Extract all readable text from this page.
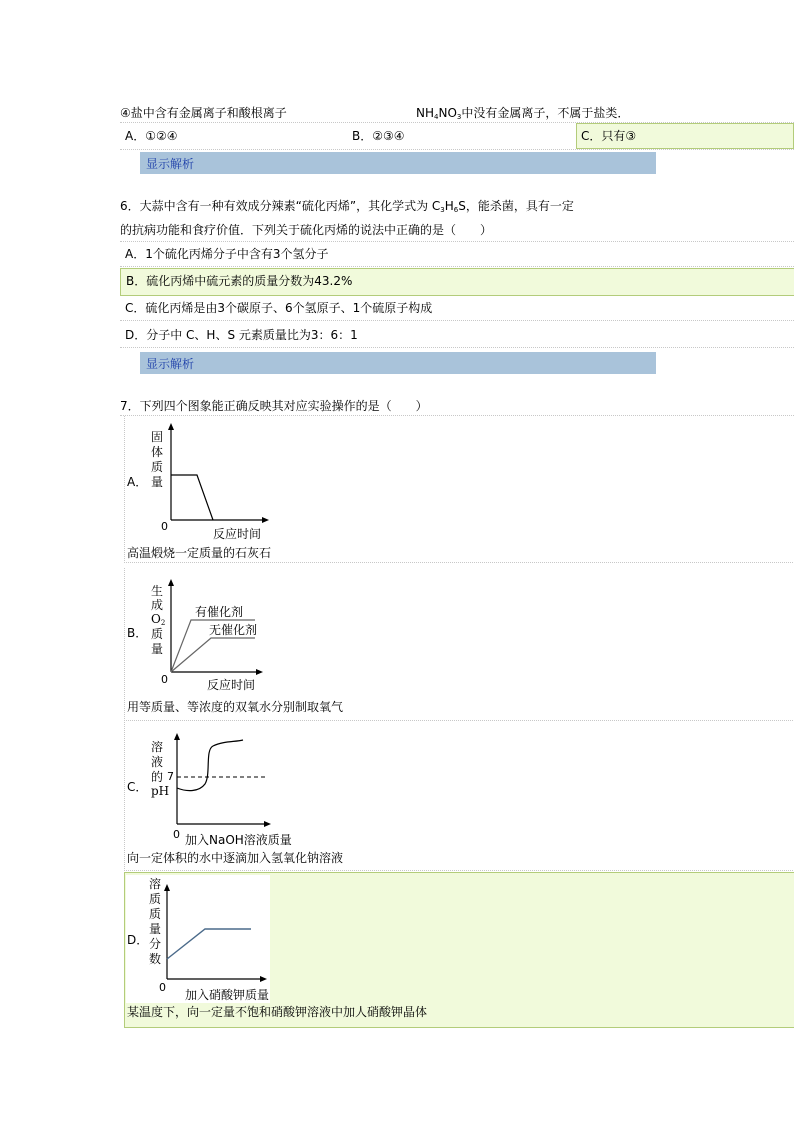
④盐中含有金属离子和酸根离子	$NH_4NO_3$中没有金属离子，不属于盐类．
A．①②④	B．②③④	C．只有③
显示解析
6．大蒜中含有一种有效成分辣素“硫化丙烯”，其化学式为 $C_3H_6S$，能杀菌，具有一定
的抗病功能和食疗价值．下列关于硫化丙烯的说法中正确的是（　　）
A．1个硫化丙烯分子中含有3个氢分子
B．硫化丙烯中硫元素的质量分数为43.2%
C．硫化丙烯是由3个碳原子、6个氢原子、1个硫原子构成
D．分子中 C、H、S 元素质量比为3：6：1
显示解析
7．下列四个图象能正确反映其对应实验操作的是（　　）
A．
固
体
质
量
0
反应时间
高温煅烧一定质量的石灰石
B．
生
成
$O_2$
质
量
0	反应时间
有催化剂
无催化剂
用等质量、等浓度的双氧水分别制取氧气
C．
溶
液
的
pH
7
0 加入NaOH溶液质量
向一定体积的水中逐滴加入氢氧化钠溶液
D．
溶
质
质
量
分
数
0
加入硝酸钾质量
某温度下，向一定量不饱和硝酸钾溶液中加人硝酸钾晶体
